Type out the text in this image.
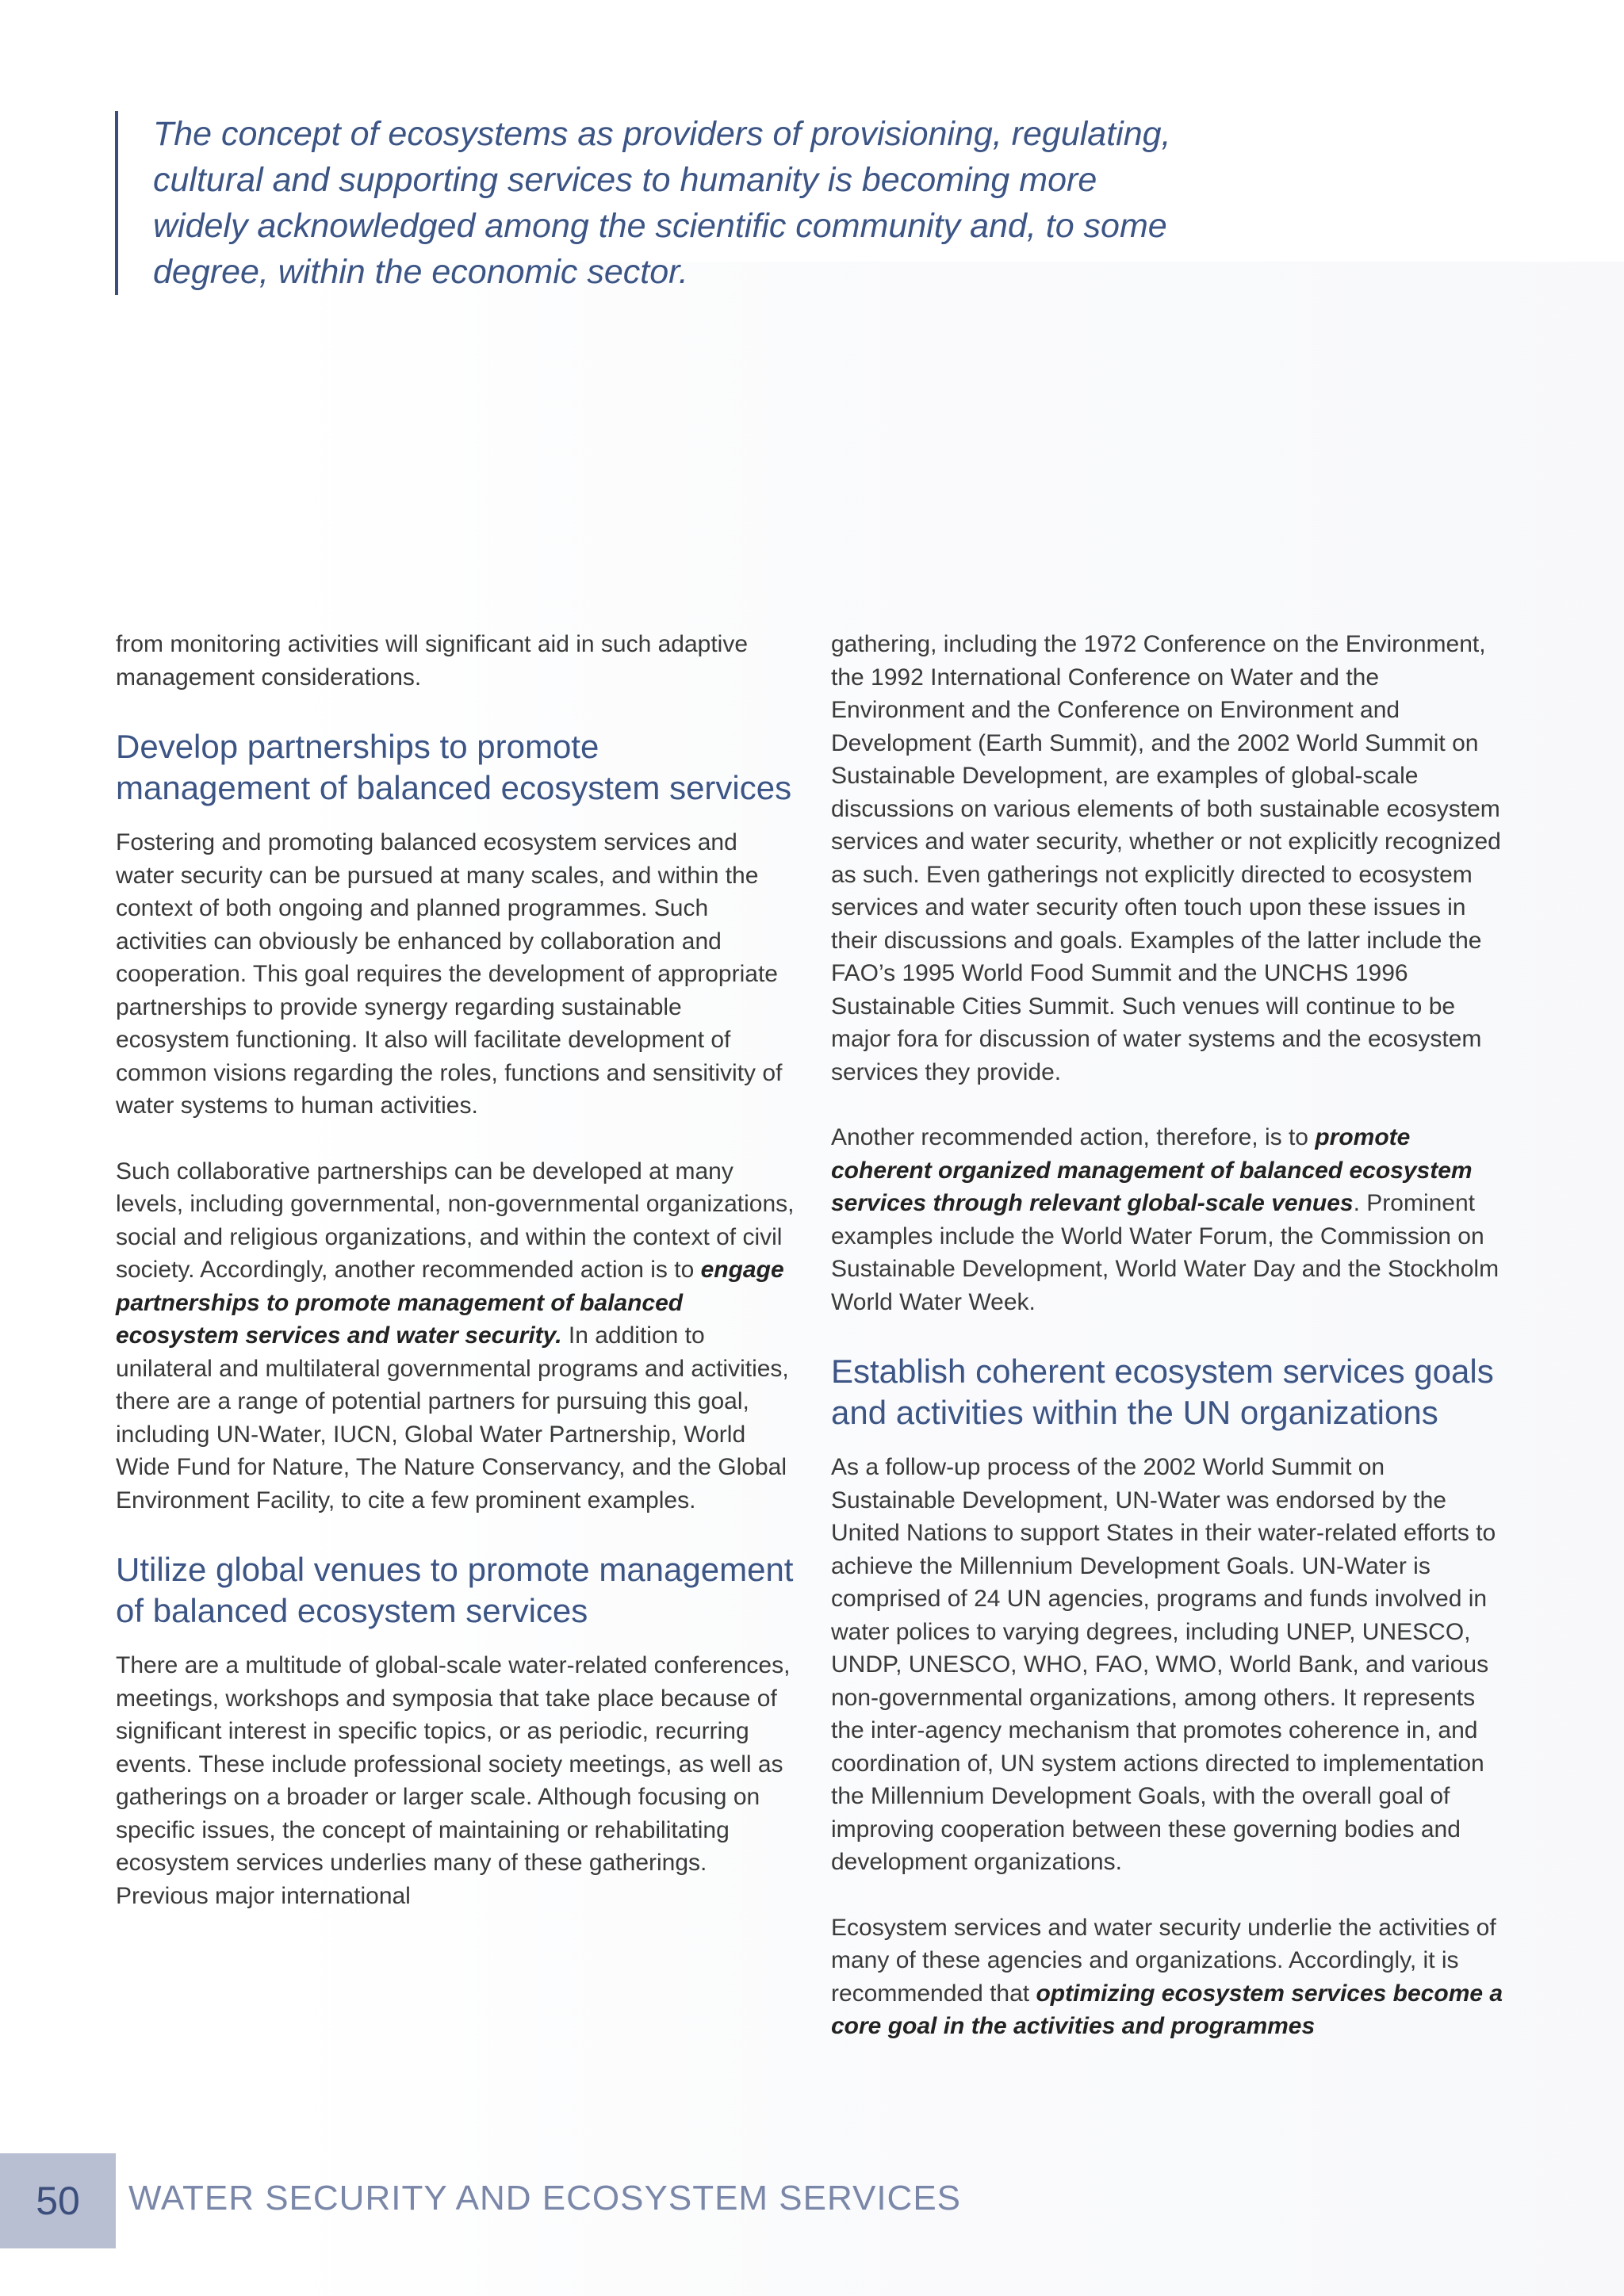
The concept of ecosystems as providers of provisioning, regulating, cultural and supporting services to humanity is becoming more widely acknowledged among the scientific community and, to some degree, within the economic sector.

from monitoring activities will significant aid in such adaptive management considerations.

Develop partnerships to promote management of balanced ecosystem services

Fostering and promoting balanced ecosystem services and water security can be pursued at many scales, and within the context of both ongoing and planned programmes. Such activities can obviously be enhanced by collaboration and cooperation. This goal requires the development of appropriate partnerships to provide synergy regarding sustainable ecosystem functioning. It also will facilitate development of common visions regarding the roles, functions and sensitivity of water systems to human activities.

Such collaborative partnerships can be developed at many levels, including governmental, non-governmental organizations, social and religious organizations, and within the context of civil society. Accordingly, another recommended action is to engage partnerships to promote management of balanced ecosystem services and water security. In addition to unilateral and multilateral governmental programs and activities, there are a range of potential partners for pursuing this goal, including UN-Water, IUCN, Global Water Partnership, World Wide Fund for Nature, The Nature Conservancy, and the Global Environment Facility, to cite a few prominent examples.

Utilize global venues to promote management of balanced ecosystem services

There are a multitude of global-scale water-related conferences, meetings, workshops and symposia that take place because of significant interest in specific topics, or as periodic, recurring events. These include professional society meetings, as well as gatherings on a broader or larger scale. Although focusing on specific issues, the concept of maintaining or rehabilitating ecosystem services underlies many of these gatherings. Previous major international

gathering, including the 1972 Conference on the Environment, the 1992 International Conference on Water and the Environment and the Conference on Environment and Development (Earth Summit), and the 2002 World Summit on Sustainable Development, are examples of global-scale discussions on various elements of both sustainable ecosystem services and water security, whether or not explicitly recognized as such. Even gatherings not explicitly directed to ecosystem services and water security often touch upon these issues in their discussions and goals. Examples of the latter include the FAO’s 1995 World Food Summit and the UNCHS 1996 Sustainable Cities Summit. Such venues will continue to be major fora for discussion of water systems and the ecosystem services they provide.

Another recommended action, therefore, is to promote coherent organized management of balanced ecosystem services through relevant global-scale venues. Prominent examples include the World Water Forum, the Commission on Sustainable Development, World Water Day and the Stockholm World Water Week.

Establish coherent ecosystem services goals and activities within the UN organizations

As a follow-up process of the 2002 World Summit on Sustainable Development, UN-Water was endorsed by the United Nations to support States in their water-related efforts to achieve the Millennium Development Goals. UN-Water is comprised of 24 UN agencies, programs and funds involved in water polices to varying degrees, including UNEP, UNESCO, UNDP, UNESCO, WHO, FAO, WMO, World Bank, and various non-governmental organizations, among others. It represents the inter-agency mechanism that promotes coherence in, and coordination of, UN system actions directed to implementation the Millennium Development Goals, with the overall goal of improving cooperation between these governing bodies and development organizations.

Ecosystem services and water security underlie the activities of many of these agencies and organizations. Accordingly, it is recommended that optimizing ecosystem services become a core goal in the activities and programmes

50	WATER SECURITY AND ECOSYSTEM SERVICES
